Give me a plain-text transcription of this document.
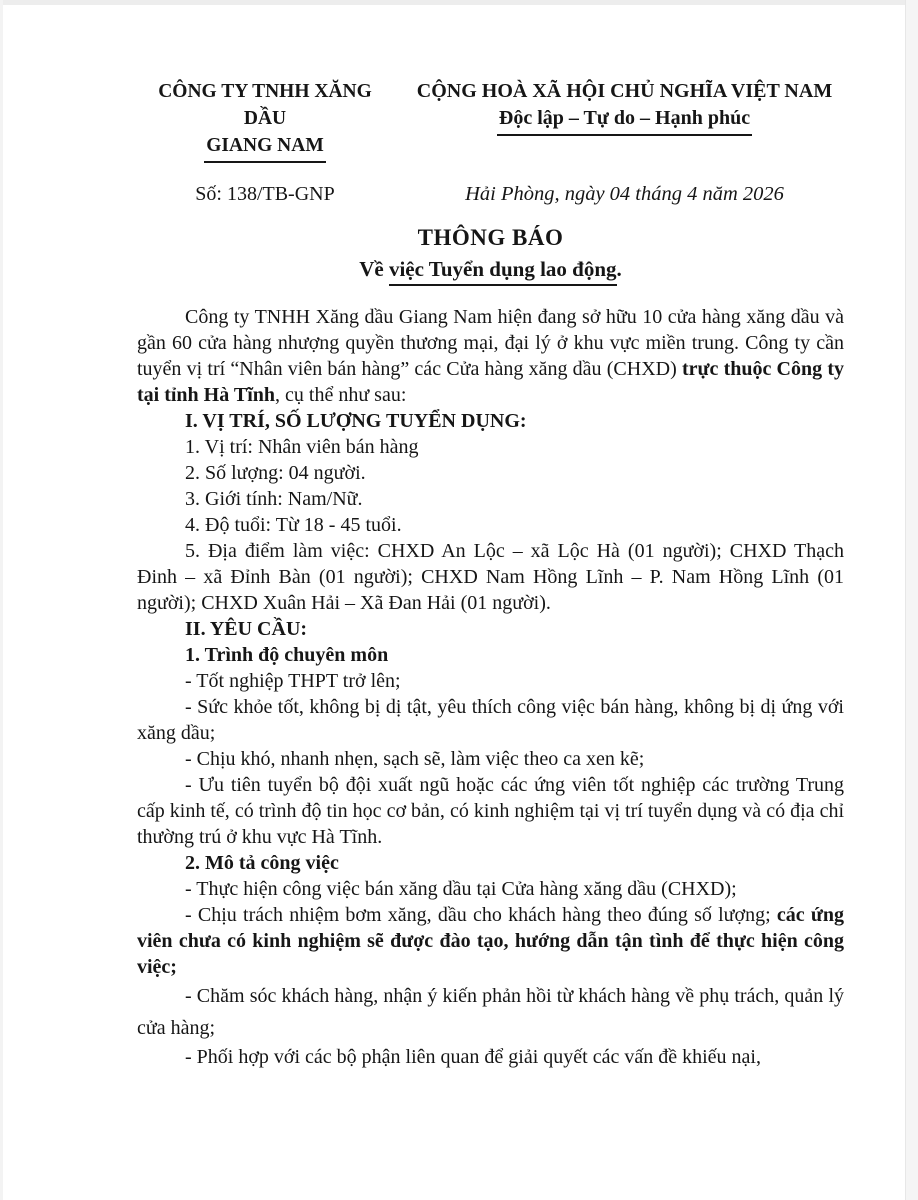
CÔNG TY TNHH XĂNG DẦU
GIANG NAM
CỘNG HOÀ XÃ HỘI CHỦ NGHĨA VIỆT NAM
Độc lập – Tự do – Hạnh phúc
Số: 138/TB-GNP	Hải Phòng, ngày 04 tháng 4 năm 2026
THÔNG BÁO
Về việc Tuyển dụng lao động.

Công ty TNHH Xăng dầu Giang Nam hiện đang sở hữu 10 cửa hàng xăng dầu và gần 60 cửa hàng nhượng quyền thương mại, đại lý ở khu vực miền trung. Công ty cần tuyển vị trí “Nhân viên bán hàng” các Cửa hàng xăng dầu (CHXD) trực thuộc Công ty tại tỉnh Hà Tĩnh, cụ thể như sau:

I. VỊ TRÍ, SỐ LƯỢNG TUYỂN DỤNG:

1. Vị trí: Nhân viên bán hàng

2. Số lượng: 04 người.

3. Giới tính: Nam/Nữ.

4. Độ tuổi: Từ 18 - 45 tuổi.

5. Địa điểm làm việc: CHXD An Lộc – xã Lộc Hà (01 người); CHXD Thạch Đinh – xã Đỉnh Bàn (01 người); CHXD Nam Hồng Lĩnh – P. Nam Hồng Lĩnh (01 người); CHXD Xuân Hải – Xã Đan Hải (01 người).

II. YÊU CẦU:

1. Trình độ chuyên môn

- Tốt nghiệp THPT trở lên;

- Sức khỏe tốt, không bị dị tật, yêu thích công việc bán hàng, không bị dị ứng với xăng dầu;

- Chịu khó, nhanh nhẹn, sạch sẽ, làm việc theo ca xen kẽ;

- Ưu tiên tuyển bộ đội xuất ngũ hoặc các ứng viên tốt nghiệp các trường Trung cấp kinh tế, có trình độ tin học cơ bản, có kinh nghiệm tại vị trí tuyển dụng và có địa chỉ thường trú ở khu vực Hà Tĩnh.

2. Mô tả công việc

- Thực hiện công việc bán xăng dầu tại Cửa hàng xăng dầu (CHXD);

- Chịu trách nhiệm bơm xăng, dầu cho khách hàng theo đúng số lượng; các ứng viên chưa có kinh nghiệm sẽ được đào tạo, hướng dẫn tận tình để thực hiện công việc;

- Chăm sóc khách hàng, nhận ý kiến phản hồi từ khách hàng về phụ trách, quản lý cửa hàng;

- Phối hợp với các bộ phận liên quan để giải quyết các vấn đề khiếu nại,
